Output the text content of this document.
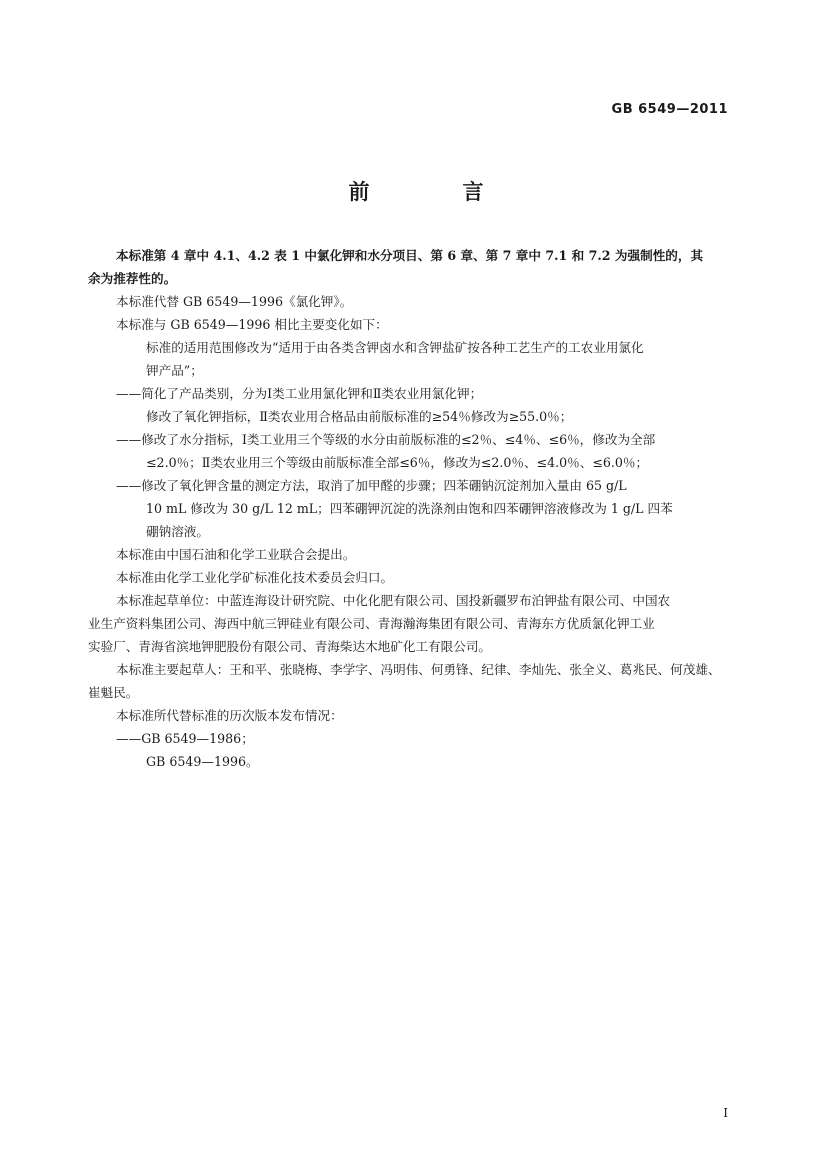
GB 6549—2011
前　言
本标准第 4 章中 4.1、4.2 表 1 中氯化钾和水分项目、第 6 章、第 7 章中 7.1 和 7.2 为强制性的，其
余为推荐性的。
本标准代替 GB 6549—1996《氯化钾》。
本标准与 GB 6549—1996 相比主要变化如下：
标准的适用范围修改为“适用于由各类含钾卤水和含钾盐矿按各种工艺生产的工农业用氯化
钾产品”；
——简化了产品类别，分为Ⅰ类工业用氯化钾和Ⅱ类农业用氯化钾；
修改了氧化钾指标，Ⅱ类农业用合格品由前版标准的≥54％修改为≥55.0％；
——修改了水分指标，Ⅰ类工业用三个等级的水分由前版标准的≤2％、≤4％、≤6％，修改为全部
≤2.0％；Ⅱ类农业用三个等级由前版标准全部≤6％，修改为≤2.0％、≤4.0％、≤6.0％；
——修改了氧化钾含量的测定方法，取消了加甲醛的步骤；四苯硼钠沉淀剂加入量由 65 g/L
10 mL 修改为 30 g/L 12 mL；四苯硼钾沉淀的洗涤剂由饱和四苯硼钾溶液修改为 1 g/L 四苯
硼钠溶液。
本标准由中国石油和化学工业联合会提出。
本标准由化学工业化学矿标准化技术委员会归口。
本标准起草单位：中蓝连海设计研究院、中化化肥有限公司、国投新疆罗布泊钾盐有限公司、中国农
业生产资料集团公司、海西中航三钾硅业有限公司、青海瀚海集团有限公司、青海东方优质氯化钾工业
实验厂、青海省滨地钾肥股份有限公司、青海柴达木地矿化工有限公司。
本标准主要起草人：王和平、张晓梅、李学字、冯明伟、何勇锋、纪律、李灿先、张全义、葛兆民、何茂雄、
崔魁民。
本标准所代替标准的历次版本发布情况：
——GB 6549—1986；
GB 6549—1996。
I
